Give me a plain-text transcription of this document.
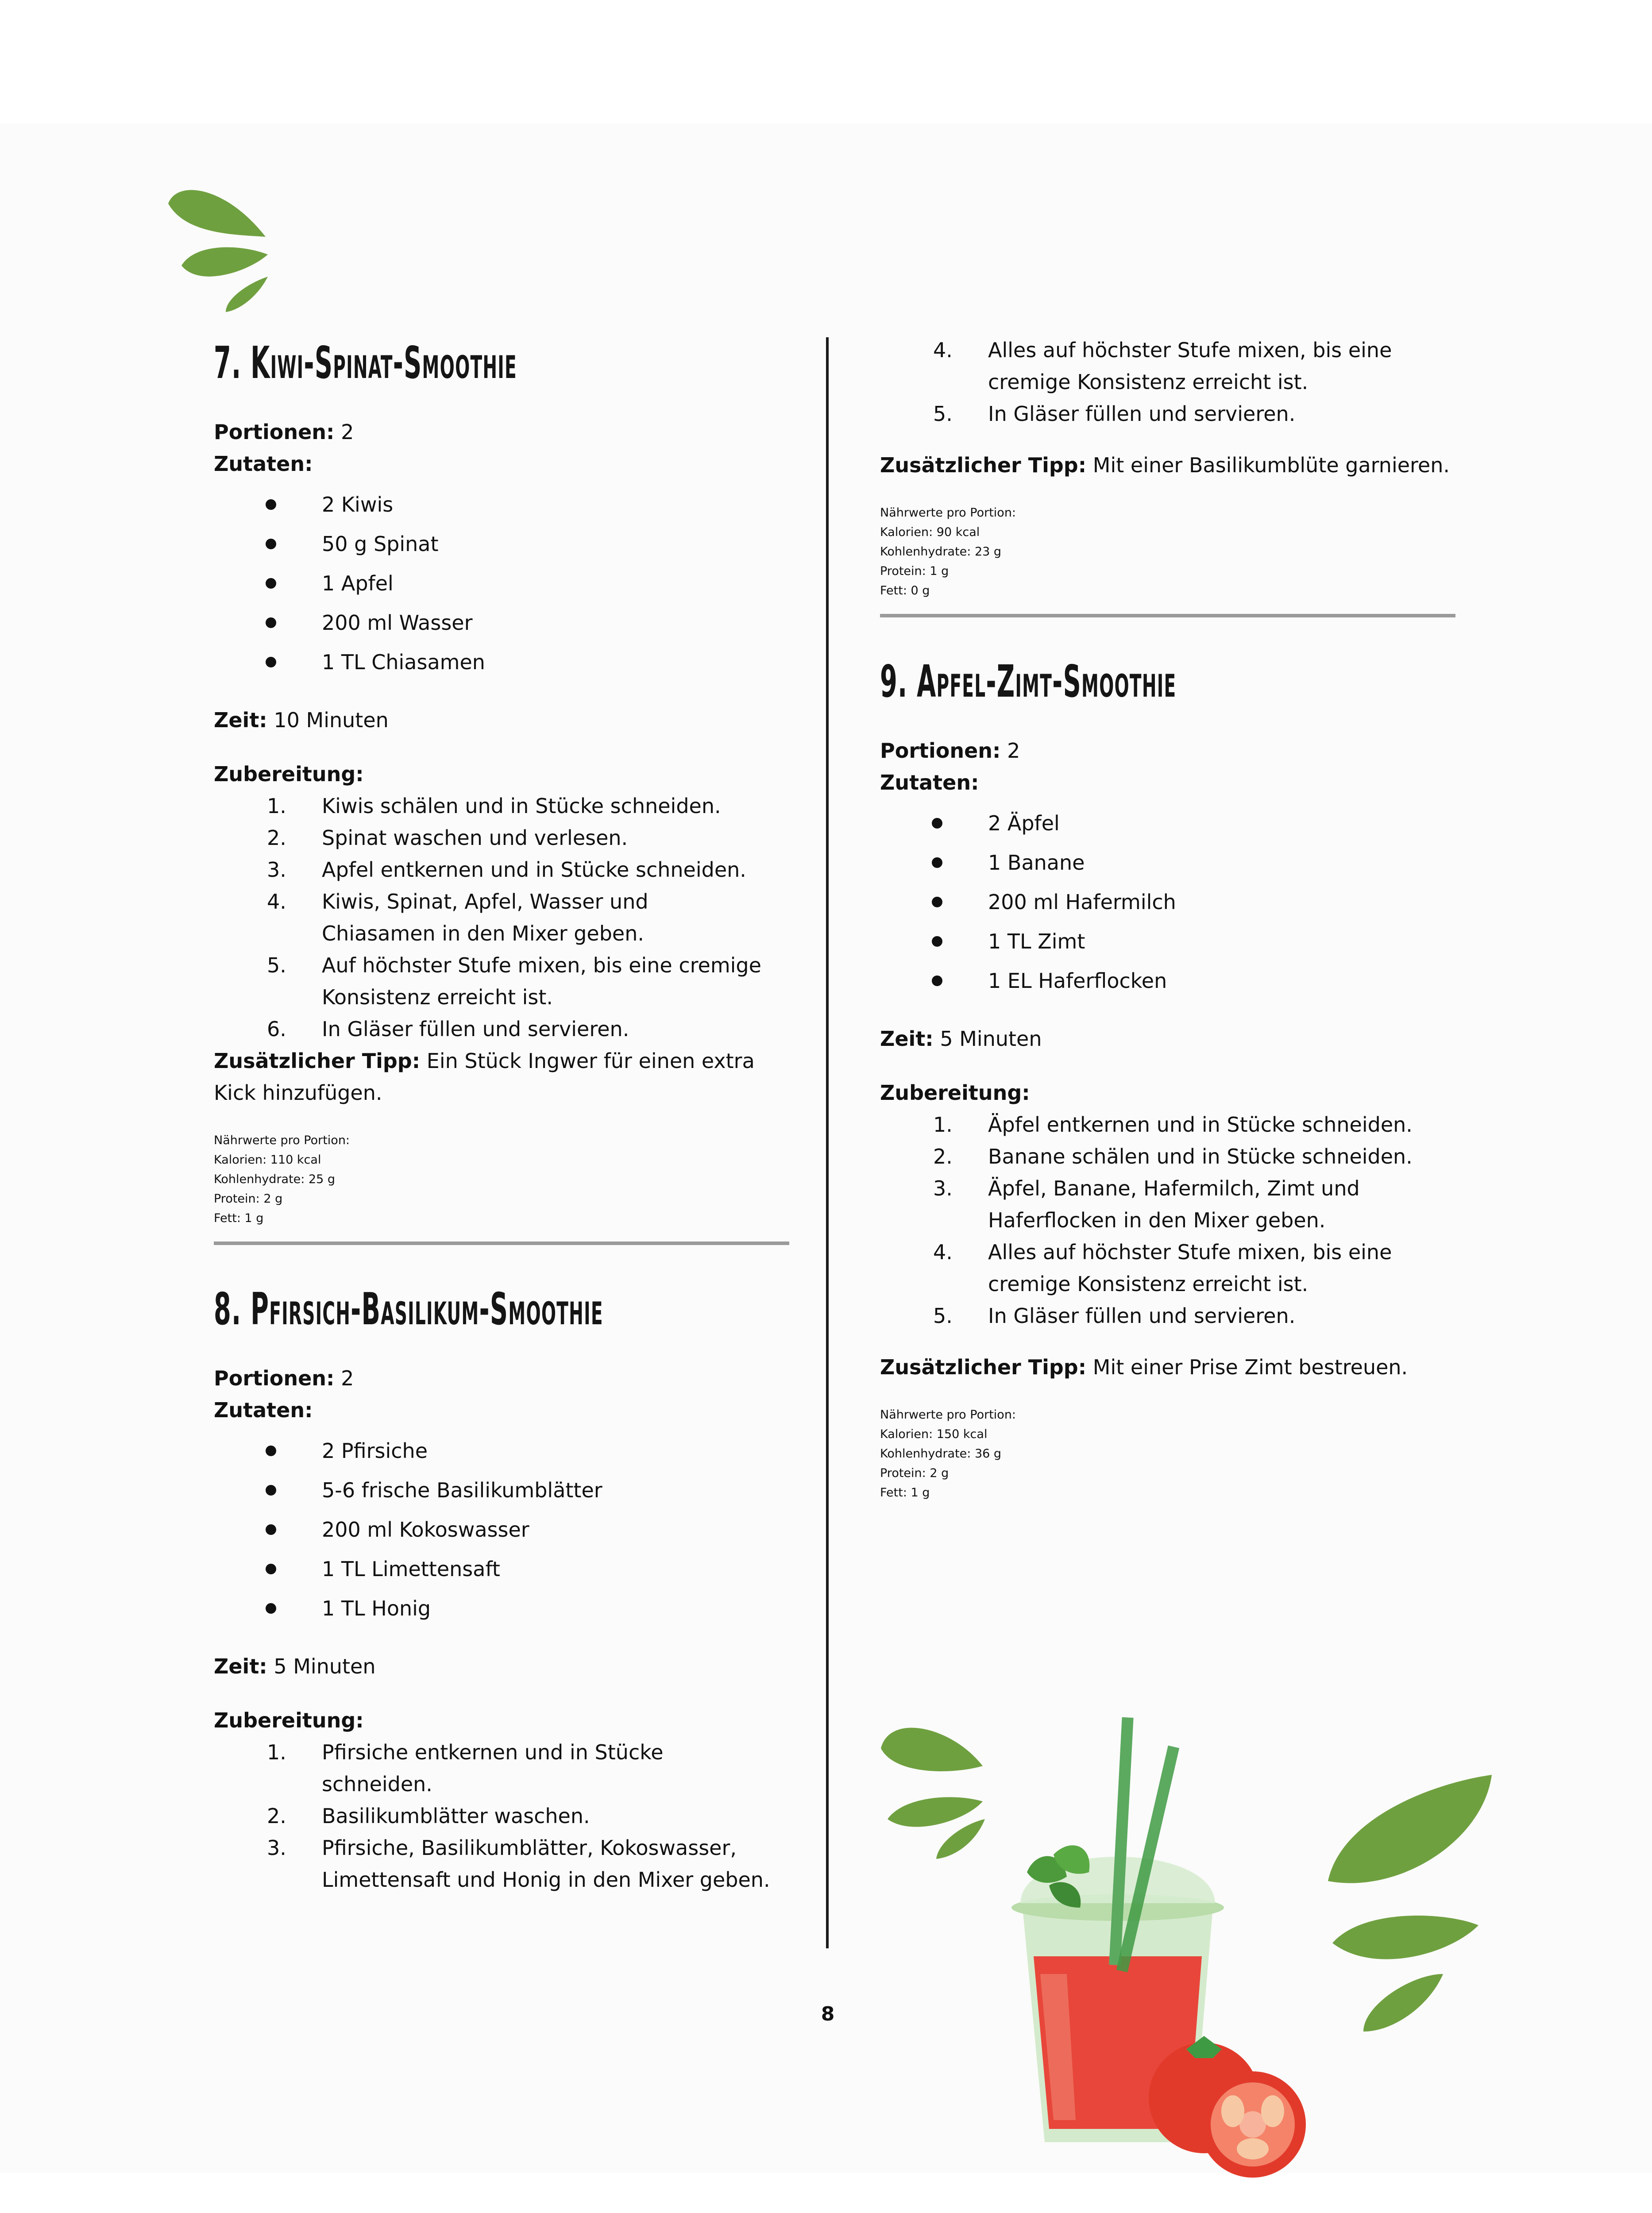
7. Kiwi-Spinat-Smoothie

Portionen: 2

Zutaten:

2 Kiwis
50 g Spinat
1 Apfel
200 ml Wasser
1 TL Chiasamen

Zeit: 10 Minuten

Zubereitung:

1. Kiwis schälen und in Stücke schneiden.
2. Spinat waschen und verlesen.
3. Apfel entkernen und in Stücke schneiden.
4. Kiwis, Spinat, Apfel, Wasser und
Chiasamen in den Mixer geben.
5. Auf höchster Stufe mixen, bis eine cremige
Konsistenz erreicht ist.
6. In Gläser füllen und servieren.

Zusätzlicher Tipp: Ein Stück Ingwer für einen extra
Kick hinzufügen.

Nährwerte pro Portion:

Kalorien: 110 kcal

Kohlenhydrate: 25 g

Protein: 2 g

Fett: 1 g

8. Pfirsich-Basilikum-Smoothie

Portionen: 2

Zutaten:

2 Pfirsiche
5-6 frische Basilikumblätter
200 ml Kokoswasser
1 TL Limettensaft
1 TL Honig

Zeit: 5 Minuten

Zubereitung:

1. Pfirsiche entkernen und in Stücke
schneiden.
2. Basilikumblätter waschen.
3. Pfirsiche, Basilikumblätter, Kokoswasser,
Limettensaft und Honig in den Mixer geben.
4. Alles auf höchster Stufe mixen, bis eine
cremige Konsistenz erreicht ist.
5. In Gläser füllen und servieren.

Zusätzlicher Tipp: Mit einer Basilikumblüte garnieren.

Nährwerte pro Portion:

Kalorien: 90 kcal

Kohlenhydrate: 23 g

Protein: 1 g

Fett: 0 g

9. Apfel-Zimt-Smoothie

Portionen: 2

Zutaten:

2 Äpfel
1 Banane
200 ml Hafermilch
1 TL Zimt
1 EL Haferflocken

Zeit: 5 Minuten

Zubereitung:

1. Äpfel entkernen und in Stücke schneiden.
2. Banane schälen und in Stücke schneiden.
3. Äpfel, Banane, Hafermilch, Zimt und
Haferflocken in den Mixer geben.
4. Alles auf höchster Stufe mixen, bis eine
cremige Konsistenz erreicht ist.
5. In Gläser füllen und servieren.

Zusätzlicher Tipp: Mit einer Prise Zimt bestreuen.

Nährwerte pro Portion:

Kalorien: 150 kcal

Kohlenhydrate: 36 g

Protein: 2 g

Fett: 1 g

8
